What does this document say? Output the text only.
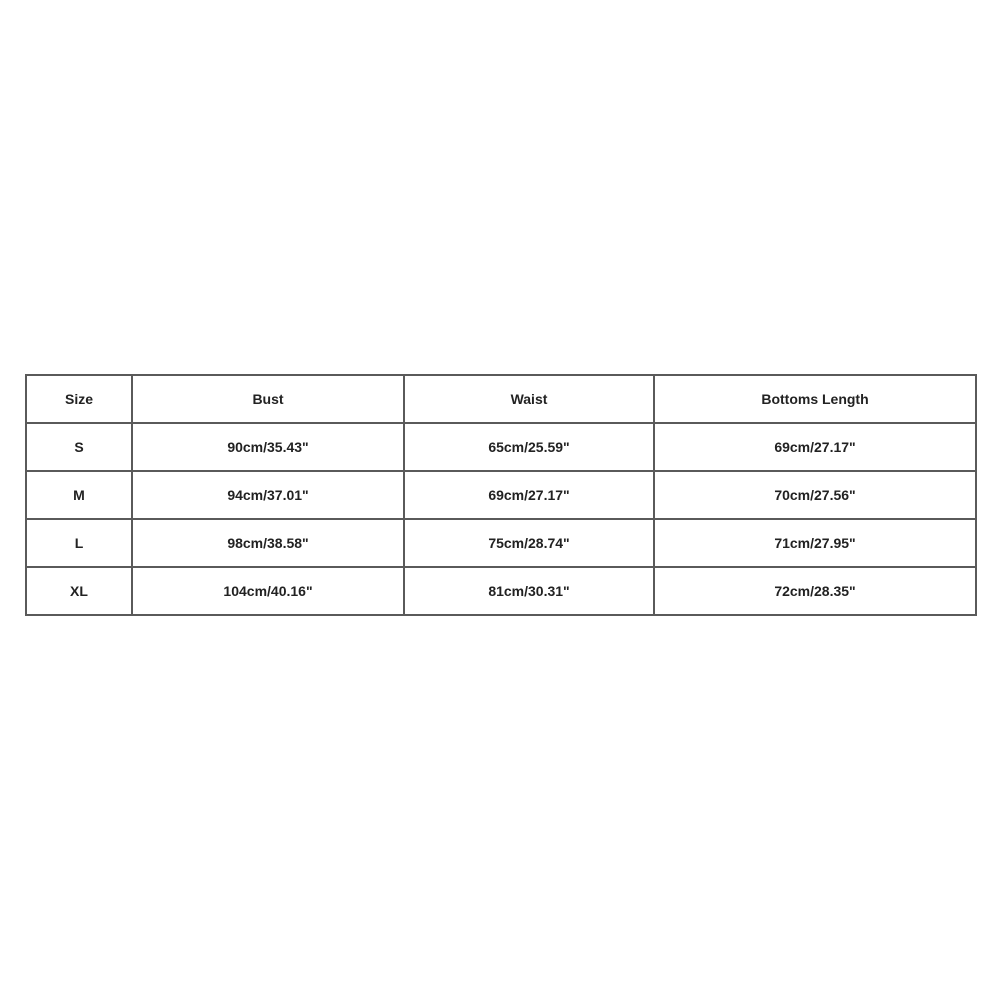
Size	Bust	Waist	Bottoms Length
S	90cm/35.43"	65cm/25.59"	69cm/27.17"
M	94cm/37.01"	69cm/27.17"	70cm/27.56"
L	98cm/38.58"	75cm/28.74"	71cm/27.95"
XL	104cm/40.16"	81cm/30.31"	72cm/28.35"
